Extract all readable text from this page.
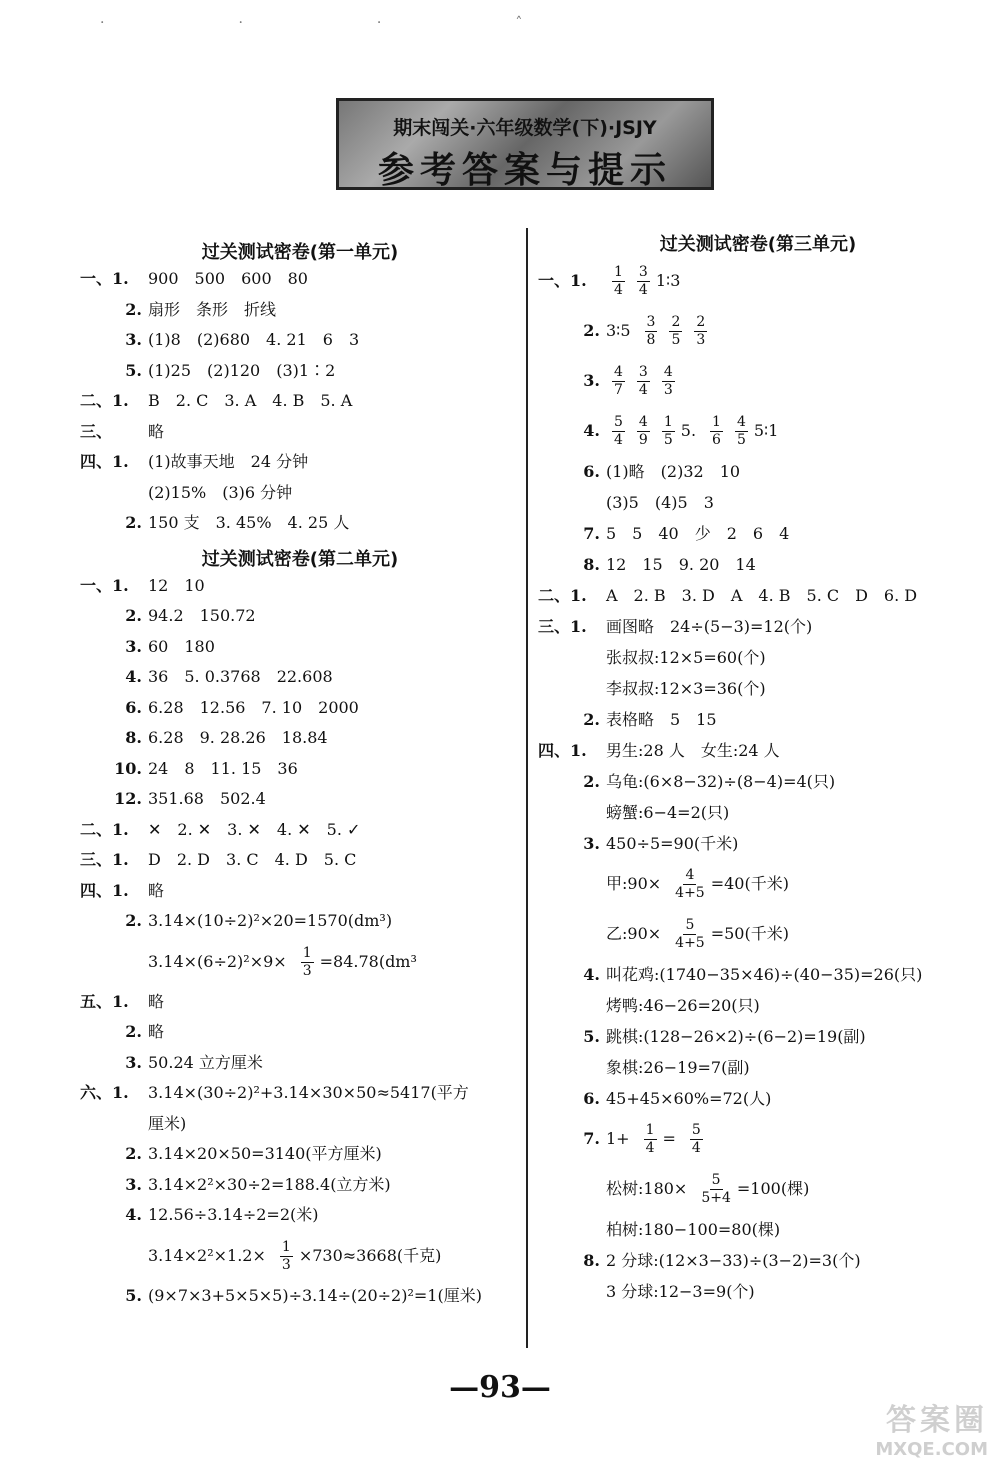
·　·　·　˄
期末闯关·六年级数学(下)·JSJY
参考答案与提示
过关测试密卷(第一单元)
一、1. 900　500　600　80
2. 扇形　条形　折线
3. (1)8　(2)680　4. 21　6　3
5. (1)25　(2)120　(3)1∶2
二、1. B　2. C　3. A　4. B　5. A
三、 略
四、1. (1)故事天地　24 分钟
(2)15%　(3)6 分钟
2. 150 支　3. 45%　4. 25 人
过关测试密卷(第二单元)
一、1. 12　10
2. 94.2　150.72
3. 60　180
4. 36　5. 0.3768　22.608
6. 6.28　12.56　7. 10　2000
8. 6.28　9. 28.26　18.84
10. 24　8　11. 15　36
12. 351.68　502.4
二、1. ✕　2. ✕　3. ✕　4. ✕　5. ✓
三、1. D　2. D　3. C　4. D　5. C
四、1. 略
2. 3.14×(10÷2)²×20=1570(dm³)
$3.14\times(6\div 2)^2\times 9\times \frac{1}{3} =84.78(dm^3$
五、1. 略
2. 略
3. 50.24 立方厘米
六、1. 3.14×(30÷2)²+3.14×30×50≈5417(平方
厘米)
2. 3.14×20×50=3140(平方厘米)
3. 3.14×2²×30÷2=188.4(立方米)
4. 12.56÷3.14÷2=2(米)
$3.14\times 2^2\times 1.2\times \frac{1}{3} \times 730\approx 3668$(千克)
5. (9×7×3+5×5×5)÷3.14÷(20÷2)²=1(厘米)
过关测试密卷(第三单元)
一、1. $\frac{1}{4} \frac{3}{4}$ 1∶3
2. 3∶5 $\frac{3}{8} \frac{2}{5} \frac{2}{3}$
3. $\frac{4}{7} \frac{3}{4} \frac{4}{3}$
4. $\frac{5}{4} \frac{4}{9} \frac{1}{5} 5$. $\frac{1}{6} \frac{4}{5}$ 5∶1
6. (1)略　(2)32　10
(3)5　(4)5　3
7. 5　5　40　少　2　6　4
8. 12　15　9. 20　14
二、1. A　2. B　3. D　A　4. B　5. C　D　6. D
三、1. 画图略　24÷(5−3)=12(个)
张叔叔:12×5=60(个)
李叔叔:12×3=36(个)
2. 表格略　5　15
四、1. 男生:28 人　女生:24 人
2. 乌龟:(6×8−32)÷(8−4)=4(只)
螃蟹:6−4=2(只)
3. 450÷5=90(千米)
甲:90× $\frac{4}{4+5} =40$(千米)
乙:90× $\frac{5}{4+5} =50$(千米)
4. 叫花鸡:(1740−35×46)÷(40−35)=26(只)
烤鸭:46−26=20(只)
5. 跳棋:(128−26×2)÷(6−2)=19(副)
象棋:26−19=7(副)
6. 45+45×60%=72(人)
7. $1+ \frac{1}{4} = \frac{5}{4}$
松树:180× $\frac{5}{5+4} =100$(棵)
柏树:180−100=80(棵)
8. 2 分球:(12×3−33)÷(3−2)=3(个)
3 分球:12−3=9(个)
—93—
答案圈
MXQE.COM
